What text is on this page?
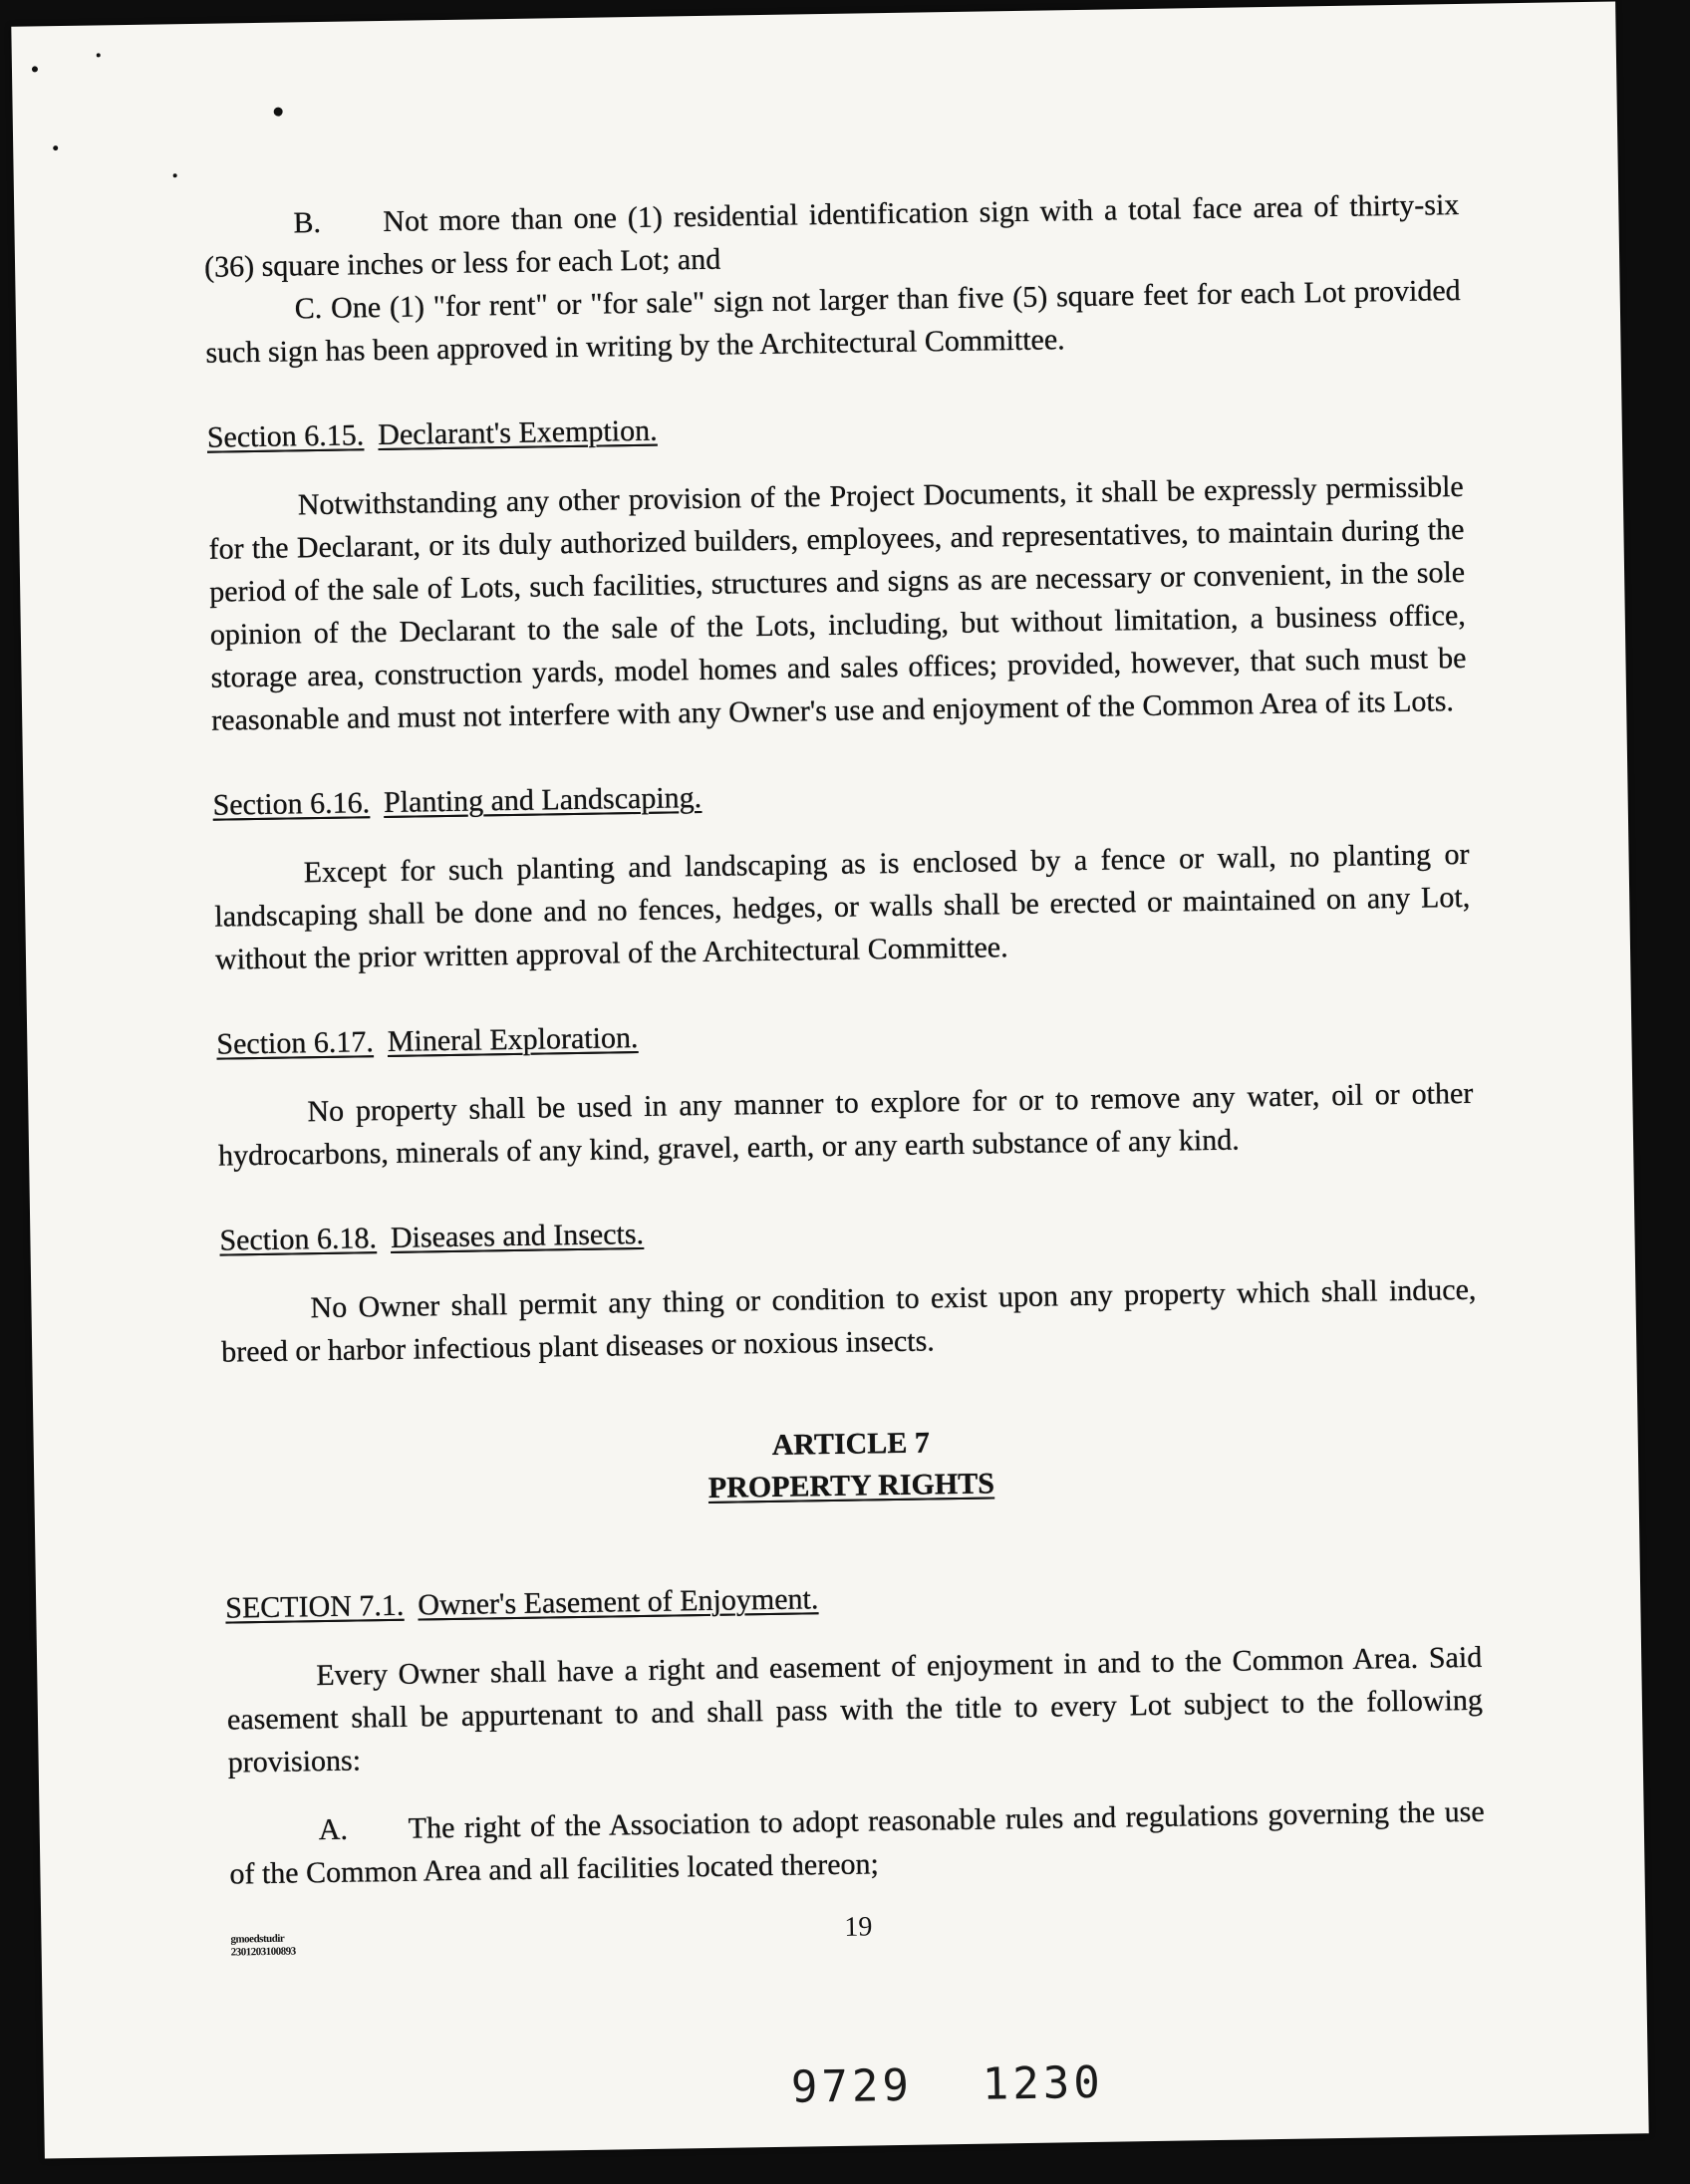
B. Not more than one (1) residential identification sign with a total face area of thirty-six (36) square inches or less for each Lot; and

C. One (1) "for rent" or "for sale" sign not larger than five (5) square feet for each Lot provided such sign has been approved in writing by the Architectural Committee.

Section 6.15. Declarant's Exemption.

Notwithstanding any other provision of the Project Documents, it shall be expressly permissible for the Declarant, or its duly authorized builders, employees, and representatives, to maintain during the period of the sale of Lots, such facilities, structures and signs as are necessary or convenient, in the sole opinion of the Declarant to the sale of the Lots, including, but without limitation, a business office, storage area, construction yards, model homes and sales offices; provided, however, that such must be reasonable and must not interfere with any Owner's use and enjoyment of the Common Area of its Lots.

Section 6.16. Planting and Landscaping.

Except for such planting and landscaping as is enclosed by a fence or wall, no planting or landscaping shall be done and no fences, hedges, or walls shall be erected or maintained on any Lot, without the prior written approval of the Architectural Committee.

Section 6.17. Mineral Exploration.

No property shall be used in any manner to explore for or to remove any water, oil or other hydrocarbons, minerals of any kind, gravel, earth, or any earth substance of any kind.

Section 6.18. Diseases and Insects.

No Owner shall permit any thing or condition to exist upon any property which shall induce, breed or harbor infectious plant diseases or noxious insects.

ARTICLE 7
PROPERTY RIGHTS
SECTION 7.1. Owner's Easement of Enjoyment.

Every Owner shall have a right and easement of enjoyment in and to the Common Area. Said easement shall be appurtenant to and shall pass with the title to every Lot subject to the following provisions:

A. The right of the Association to adopt reasonable rules and regulations governing the use of the Common Area and all facilities located thereon;

gmoedstudir
2301203100893
19
9729 1230
